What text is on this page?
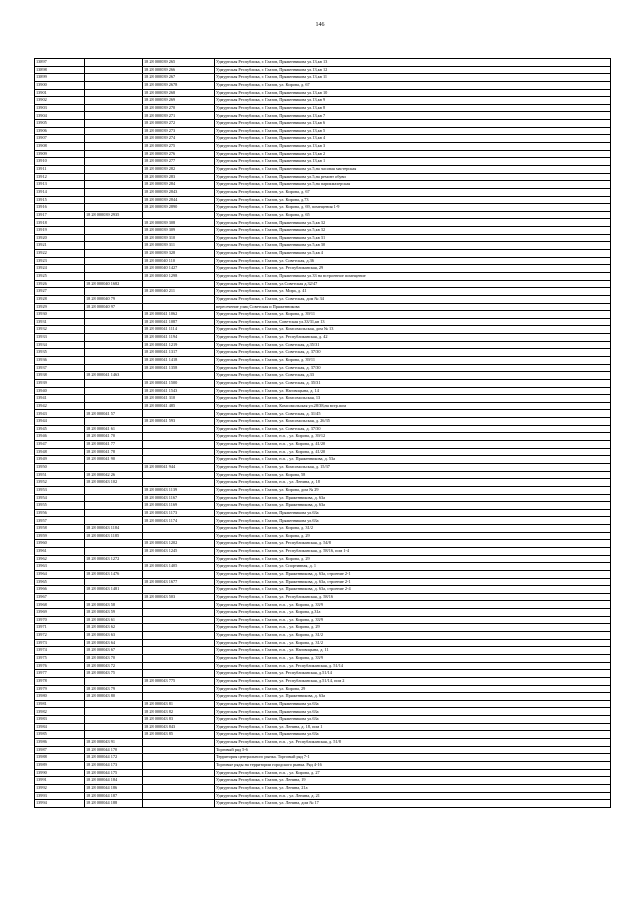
146
13897		18 28 000039 265	Удмуртская Республика, г. Глазов, Пряженникова ул.13,кв 13
13898		18 28 000039 266	Удмуртская Республика, г. Глазов, Пряженникова ул.13,кв 12
13899		18 28 000039 267	Удмуртская Республика, г. Глазов, Пряженникова ул.13,кв 11
13900		18 28 000039 2678	Удмуртская Республика, г. Глазов, ул. Кирова, д. 67
13901		18 28 000039 268	Удмуртская Республика, г. Глазов, Пряженникова ул.13,кв 10
13902		18 28 000039 269	Удмуртская Республика, г. Глазов, Пряженникова ул.13,кв 9
13903		18 28 000039 270	Удмуртская Республика, г. Глазов, Пряженникова ул.13,кв 8
13904		18 28 000039 271	Удмуртская Республика, г. Глазов, Пряженникова ул.13,кв 7
13905		18 28 000039 272	Удмуртская Республика, г. Глазов, Пряженникова ул.13,кв 6
13906		18 28 000039 273	Удмуртская Республика, г. Глазов, Пряженникова ул.13,кв 5
13907		18 28 000039 274	Удмуртская Республика, г. Глазов, Пряженникова ул.13,кв 4
13908		18 28 000039 275	Удмуртская Республика, г. Глазов, Пряженникова ул.13,кв 3
13909		18 28 000039 276	Удмуртская Республика, г. Глазов, Пряженникова ул.13,кв 2
13910		18 28 000039 277	Удмуртская Республика, г. Глазов, Пряженникова ул.13,кв 1
13911		18 28 000039 282	Удмуртская Республика, г. Глазов, Пряженникова ул.5,на часовая мастерская
13912		18 28 000039 283	Удмуртская Республика, г. Глазов, Пряженникова ул.5,на ремонт обуви
13913		18 28 000039 284	Удмуртская Республика, г. Глазов, Пряженникова ул.5,на парикмахерская
13914		18 28 000039 2843	Удмуртская Республика, г. Глазов, ул. Кирова, д. 67
13915		18 28 000039 2844	Удмуртская Республика, г. Глазов, ул. Кирова, д.73
13916		18 28 000039 2890	Удмуртская Республика, г. Глазов, ул. Кирова, д. 69, помещения 1-9
13917	18 28 000039 2935		Удмуртская Республика, г. Глазов, ул. Кирова, д. 65
13918		18 28 000039 308	Удмуртская Республика, г. Глазов, Пряженникова ул.5,кв 32
13919		18 28 000039 309	Удмуртская Республика, г. Глазов, Пряженникова ул.5,кв 32
13920		18 28 000039 310	Удмуртская Республика, г. Глазов, Пряженникова ул.5,кв 31
13921		18 28 000039 311	Удмуртская Республика, г. Глазов, Пряженникова ул.5,кв 30
13922		18 28 000039 328	Удмуртская Республика, г. Глазов, Пряженникова ул.5,кв 4
13923		18 28 000040 110	Удмуртская Республика, г. Глазов, ул. Советская, д.36
13924		18 28 000040 1427	Удмуртская Республика, г. Глазов, ул. Республиканская, 29
13925		18 28 000040 1298	Удмуртская Республика, г. Глазов, Пряженникова ул.33 на встроенное помещение
13926	18 28 000040 1682		Удмуртская Республика, г. Глазов, ул.Советская д.32/47
13927		18 28 000040 211	Удмуртская Республика, г. Глазов, ул. Мира, д. 41
13928	18 28 000040 79		Удмуртская Республика, г. Глазов, ул. Советская, дом № 34
13929	18 28 000040 97		пересечение улиц Советская и Пряженникова
13930		18 28 000041 1062	Удмуртская Республика, г. Глазов, ул. Кирова, д. 39/11
13931		18 28 000041 1087	Удмуртская Республика, г. Глазов, Советская ул.33/31,кв 13
13932		18 28 000041 1114	Удмуртская Республика, г. Глазов, ул. Комсомольская, дом № 13
13933		18 28 000041 1194	Удмуртская Республика, г. Глазов, ул. Республиканская, д. 42
13934		18 28 000041 1219	Удмуртская Республика, г. Глазов, ул. Советская, д.35/31
13935		18 28 000041 1317	Удмуртская Республика, г. Глазов, ул. Советская, д. 37/30
13936		18 28 000041 1418	Удмуртская Республика, г. Глазов, ул. Кирова, д. 39/11
13937		18 28 000041 1358	Удмуртская Республика, г. Глазов, ул. Советская, д. 37/30
13938	18 28 000041 1463		Удмуртская Республика, г. Глазов, ул. Советская, д.33
13939		18 28 000041 1500	Удмуртская Республика, г. Глазов, ул. Советская, д. 35/31
13940		18 28 000041 1543	Удмуртская Республика, г. Глазов, ул. Наговицына, д. 14
13941		18 28 000041 310	Удмуртская Республика, г. Глазов, ул. Комсомольская, 13
13942		18 28 000041 485	Удмуртская Республика, г. Глазов, Комсомольская ул.28/38,на встр.пом
13943	18 28 000041 57		Удмуртская Республика, г. Глазов, ул. Советская, д. 31/45
13944		18 28 000041 593	Удмуртская Республика, г. Глазов, ул. Комсомольская, д. 26/35
13945	18 28 000041 61		Удмуртская Республика, г. Глазов, ул. Советская, д. 37/30
13946	18 28 000041 70		Удмуртская Республика, г. Глазов, н.п. , ул. Кирова, д. 39/12
13947	18 28 000041 77		Удмуртская Республика, г. Глазов, н.п. , ул. Кирова, д. 41/20
13948	18 28 000041 78		Удмуртская Республика, г. Глазов, н.п. , ул. Кирова, д. 41/20
13949	18 28 000041 90		Удмуртская Республика, г. Глазов, н.п. , ул. Пряженникова, д. 53а
13950		18 28 000041 944	Удмуртская Республика, г. Глазов, ул. Комсомольская, д. 15/37
13951	18 28 000042 26		Удмуртская Республика, г. Глазов, ул. Кирова, 58
13952	18 28 000043 102		Удмуртская Республика, г. Глазов, н.п. , ул. Ленина, д. 18
13953		18 28 000043 1139	Удмуртская Республика, г. Глазов, ул. Кирова, дом № 29
13954		18 28 000043 1167	Удмуртская Республика, г. Глазов, ул. Пряженникова, д. 63а
13955		18 28 000043 1169	Удмуртская Республика, г. Глазов, ул. Пряженникова, д. 63а
13956		18 28 000043 1173	Удмуртская Республика, г. Глазов, Пряженникова ул.63а
13957		18 28 000043 1174	Удмуртская Республика, г. Глазов, Пряженникова ул.63а
13958	18 28 000043 1184		Удмуртская Республика, г. Глазов, ул. Кирова, д. 31/2
13959	18 28 000043 1185		Удмуртская Республика, г. Глазов, ул. Кирова, д. 29
13960		18 28 000043 1202	Удмуртская Республика, г. Глазов, ул. Республиканская, д. 54/8
13961		18 28 000043 1245	Удмуртская Республика, г. Глазов, ул. Республиканская, д. 58/16, пом 1-4
13962	18 28 000043 1272		Удмуртская Республика, г. Глазов, ул. Кирова, д. 29
13963		18 28 000043 1405	Удмуртская Республика, г. Глазов, ул. Спортивная, д. 1
13964	18 28 000043 1476		Удмуртская Республика, г. Глазов, ул. Пряженникова, д. 63а, строение 2-1
13965		18 28 000043 1677	Удмуртская Республика, г. Глазов, ул. Пряженникова, д. 63а, строение 2-1
13966	18 28 000043 1481		Удмуртская Республика, г. Глазов, ул. Пряженникова, д. 63а, строение 2-4
13967		18 28 000043 503	Удмуртская Республика, г. Глазов, ул. Республиканская, д. 58/16
13968	18 28 000043 58		Удмуртская Республика, г. Глазов, н.п. , ул. Кирова, д. 33/9
13969	18 28 000043 59		Удмуртская Республика, г. Глазов, н.п. , ул. Кирова, д.31а
13970	18 28 000043 61		Удмуртская Республика, г. Глазов, н.п. , ул. Кирова, д. 33/9
13971	18 28 000043 62		Удмуртская Республика, г. Глазов, н.п. , ул. Кирова, д. 29
13972	18 28 000043 63		Удмуртская Республика, г. Глазов, н.п. , ул. Кирова, д. 31/2
13973	18 28 000043 64		Удмуртская Республика, г. Глазов, н.п. , ул. Кирова, д. 31/2
13974	18 28 000043 67		Удмуртская Республика, г. Глазов, н.п. , ул. Наговицына, д. 11
13975	18 28 000043 70		Удмуртская Республика, г. Глазов, н.п. , ул. Кирова, д. 33/9
13976	18 28 000043 72		Удмуртская Республика, г. Глазов, н.п. , ул. Республиканская, д. 51/14
13977	18 28 000043 75		Удмуртская Республика, г. Глазов, ул. Республиканская, д.51/14
13978		18 28 000043 775	Удмуртская Республика, г. Глазов, ул. Республиканская, д.51/14, пом 2
13979	18 28 000043 79		Удмуртская Республика, г. Глазов, ул. Кирова, 29
13980	18 28 000043 80		Удмуртская Республика, г. Глазов, ул. Пряженникова, д. 63а
13981		18 28 000043 81	Удмуртская Республика, г. Глазов, Пряженникова ул.63а
13982		18 28 000043 82	Удмуртская Республика, г. Глазов, Пряженникова ул.63а
13983		18 28 000043 83	Удмуртская Республика, г. Глазов, Пряженникова ул.63а
13984		18 28 000043 843	Удмуртская Республика, г. Глазов, ул. Ленина, д. 18, пом 1
13985		18 28 000043 85	Удмуртская Республика, г. Глазов, Пряженникова ул.63а
13986	18 28 000043 91		Удмуртская Республика, г. Глазов, н.п. , ул. Республиканская, д. 51/8
13987	18 28 000044 170		Торговый ряд 5-6
13988	18 28 000044 172		Территория центрального рынка. Торговый ряд 7-1
13989	18 28 000044 173		Торговые ряды на территории городского рынка. Ряд 4-16
13990	18 28 000044 175		Удмуртская Республика, г. Глазов, н.п. , ул. Кирова, д. 27
13991	18 28 000044 184		Удмуртская Республика, г. Глазов, ул. Ленина, 19
13992	18 28 000044 186		Удмуртская Республика, г. Глазов, ул. Ленина, 21а
13993	18 28 000044 187		Удмуртская Республика, г. Глазов, н.п. , ул. Ленина, д. 21
13994	18 28 000044 188		Удмуртская Республика, г. Глазов, ул. Ленина, дом № 17
